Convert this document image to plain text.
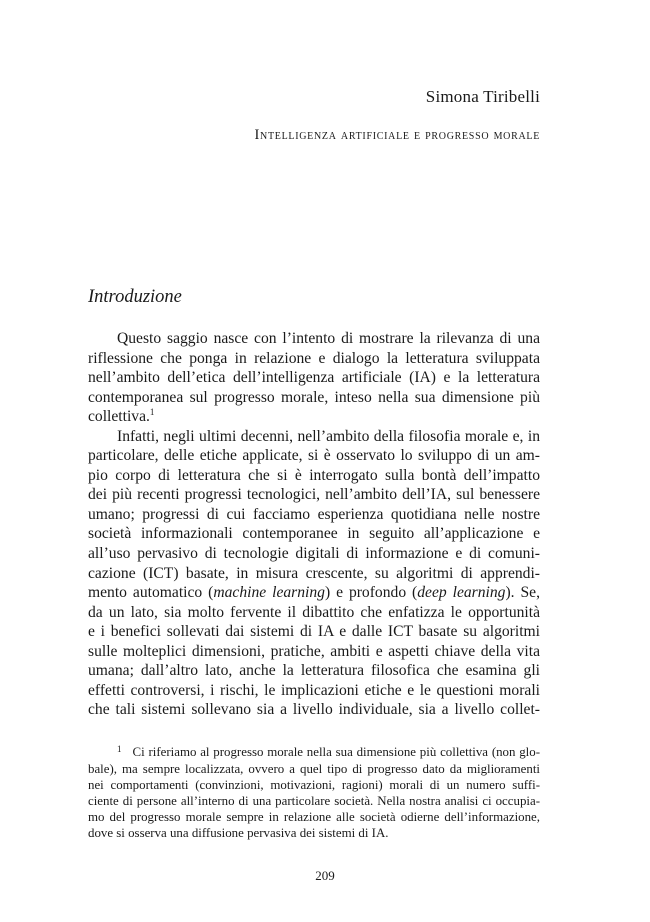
Simona Tiribelli
Intelligenza artificiale e progresso morale
Introduzione
Questo saggio nasce con l’intento di mostrare la rilevanza di una
riflessione che ponga in relazione e dialogo la letteratura sviluppata
nell’ambito dell’etica dell’intelligenza artificiale (IA) e la letteratura
contemporanea sul progresso morale, inteso nella sua dimensione più
collettiva.$^1$
Infatti, negli ultimi decenni, nell’ambito della filosofia morale e, in
particolare, delle etiche applicate, si è osservato lo sviluppo di un am-
pio corpo di letteratura che si è interrogato sulla bontà dell’impatto
dei più recenti progressi tecnologici, nell’ambito dell’IA, sul benessere
umano; progressi di cui facciamo esperienza quotidiana nelle nostre
società informazionali contemporanee in seguito all’applicazione e
all’uso pervasivo di tecnologie digitali di informazione e di comuni-
cazione (ICT) basate, in misura crescente, su algoritmi di apprendi-
mento automatico (machine learning) e profondo (deep learning). Se,
da un lato, sia molto fervente il dibattito che enfatizza le opportunità
e i benefici sollevati dai sistemi di IA e dalle ICT basate su algoritmi
sulle molteplici dimensioni, pratiche, ambiti e aspetti chiave della vita
umana; dall’altro lato, anche la letteratura filosofica che esamina gli
effetti controversi, i rischi, le implicazioni etiche e le questioni morali
che tali sistemi sollevano sia a livello individuale, sia a livello collet-
$^1$ Ci riferiamo al progresso morale nella sua dimensione più collettiva (non glo-
bale), ma sempre localizzata, ovvero a quel tipo di progresso dato da miglioramenti
nei comportamenti (convinzioni, motivazioni, ragioni) morali di un numero suffi-
ciente di persone all’interno di una particolare società. Nella nostra analisi ci occupia-
mo del progresso morale sempre in relazione alle società odierne dell’informazione,
dove si osserva una diffusione pervasiva dei sistemi di IA.
209
